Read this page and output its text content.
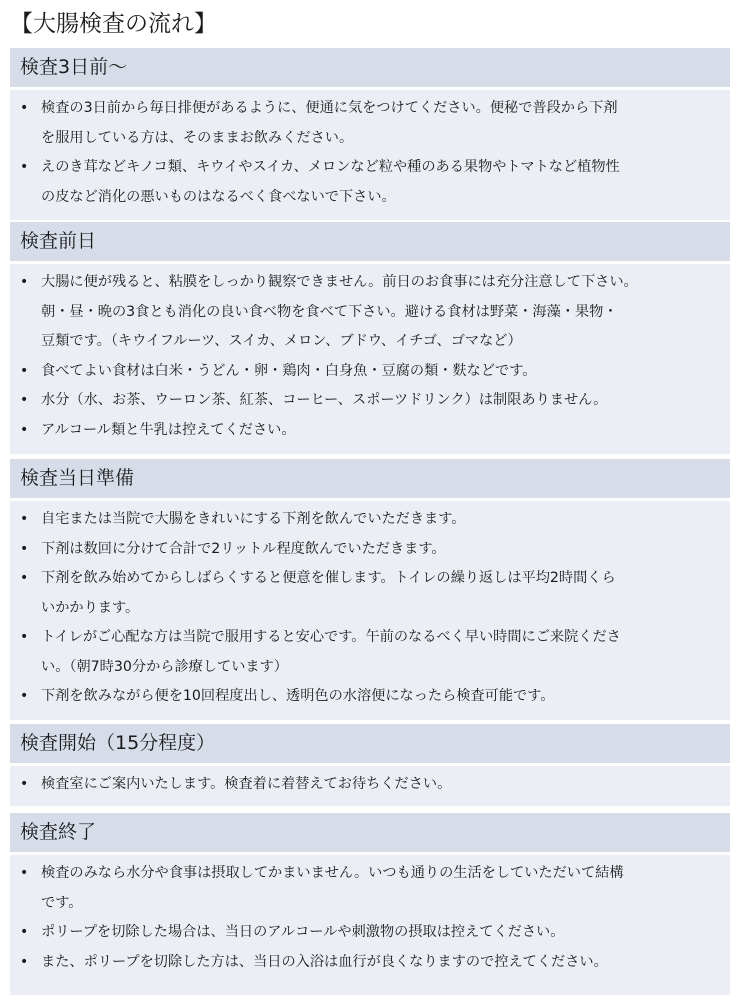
【大腸検査の流れ】
検査3日前～
• 検査の3日前から毎日排便があるように、便通に気をつけてください。便秘で普段から下剤
を服用している方は、そのままお飲みください。
• えのき茸などキノコ類、キウイやスイカ、メロンなど粒や種のある果物やトマトなど植物性
の皮など消化の悪いものはなるべく食べないで下さい。
検査前日
• 大腸に便が残ると、粘膜をしっかり観察できません。前日のお食事には充分注意して下さい。
朝・昼・晩の3食とも消化の良い食べ物を食べて下さい。避ける食材は野菜・海藻・果物・
豆類です。（キウイフルーツ、スイカ、メロン、ブドウ、イチゴ、ゴマなど）
• 食べてよい食材は白米・うどん・卵・鶏肉・白身魚・豆腐の類・麩などです。
• 水分（水、お茶、ウーロン茶、紅茶、コーヒー、スポーツドリンク）は制限ありません。
• アルコール類と牛乳は控えてください。
検査当日準備
• 自宅または当院で大腸をきれいにする下剤を飲んでいただきます。
• 下剤は数回に分けて合計で2リットル程度飲んでいただきます。
• 下剤を飲み始めてからしばらくすると便意を催します。トイレの繰り返しは平均2時間くら
いかかります。
• トイレがご心配な方は当院で服用すると安心です。午前のなるべく早い時間にご来院くださ
い。（朝7時30分から診療しています）
• 下剤を飲みながら便を10回程度出し、透明色の水溶便になったら検査可能です。
検査開始（15分程度）
• 検査室にご案内いたします。検査着に着替えてお待ちください。
検査終了
• 検査のみなら水分や食事は摂取してかまいません。いつも通りの生活をしていただいて結構
です。
• ポリープを切除した場合は、当日のアルコールや刺激物の摂取は控えてください。
• また、ポリープを切除した方は、当日の入浴は血行が良くなりますので控えてください。
